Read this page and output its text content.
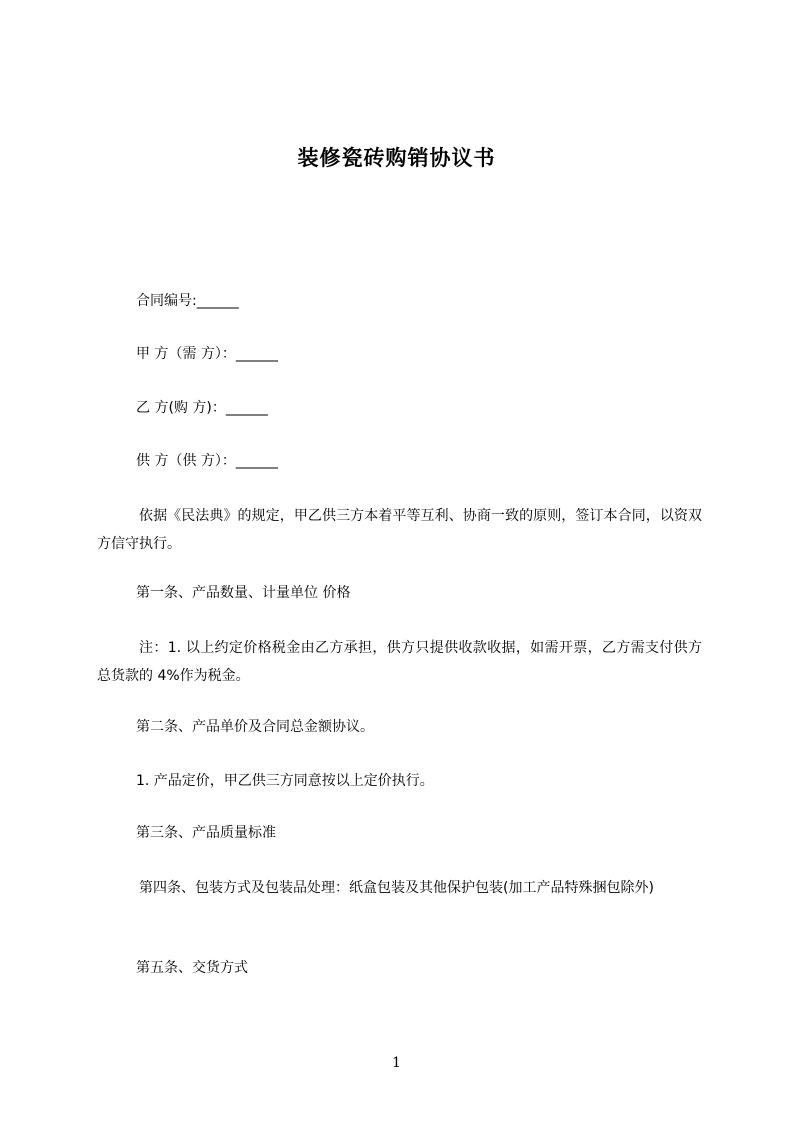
装修瓷砖购销协议书
合同编号:______
甲 方（需 方）：______
乙 方(购 方)：______
供 方（供 方）：______
依据《民法典》的规定，甲乙供三方本着平等互利、协商一致的原则，签订本合同，以资双方信守执行。
第一条、产品数量、计量单位 价格
注：1. 以上约定价格税金由乙方承担，供方只提供收款收据，如需开票，乙方需支付供方总货款的 4%作为税金。
第二条、产品单价及合同总金额协议。
1. 产品定价，甲乙供三方同意按以上定价执行。
第三条、产品质量标准
第四条、包装方式及包装品处理：纸盒包装及其他保护包装(加工产品特殊捆包除外)
第五条、交货方式
1
